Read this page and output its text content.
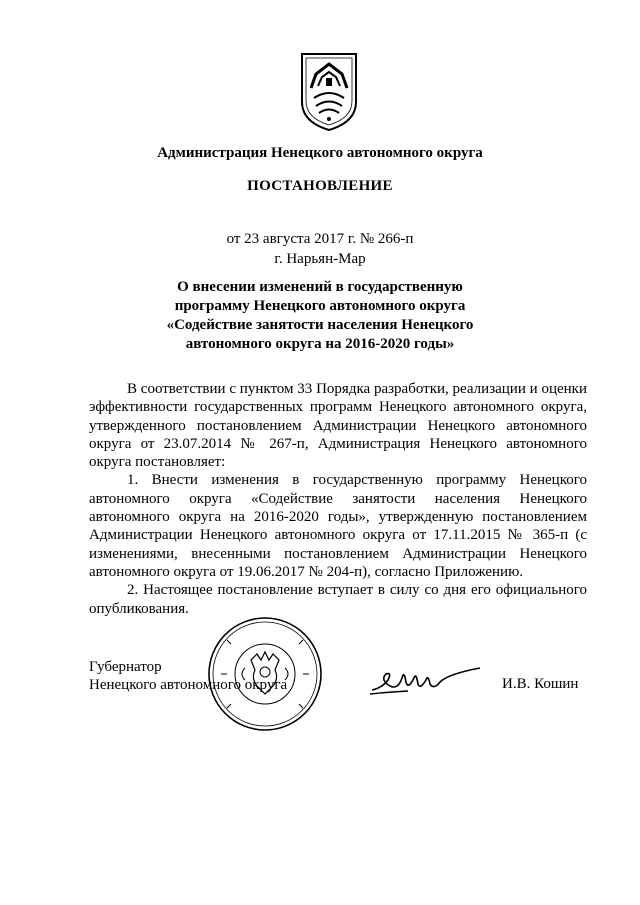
Администрация Ненецкого автономного округа
ПОСТАНОВЛЕНИЕ
от 23 августа 2017 г. № 266-п
г. Нарьян-Мар
О внесении изменений в государственную
программу Ненецкого автономного округа
«Содействие занятости населения Ненецкого
автономного округа на 2016-2020 годы»

В соответствии с пунктом 33 Порядка разработки, реализации и оценки эффективности государственных программ Ненецкого автономного округа, утвержденного постановлением Администрации Ненецкого автономного округа от 23.07.2014 № 267-п, Администрация Ненецкого автономного округа постановляет:

1. Внести изменения в государственную программу Ненецкого автономного округа «Содействие занятости населения Ненецкого автономного округа на 2016-2020 годы», утвержденную постановлением Администрации Ненецкого автономного округа от 17.11.2015 № 365-п (с изменениями, внесенными постановлением Администрации Ненецкого автономного округа от 19.06.2017 № 204-п), согласно Приложению.

2. Настоящее постановление вступает в силу со дня его официального опубликования.

Губернатор
Ненецкого автономного округа	И.В. Кошин
